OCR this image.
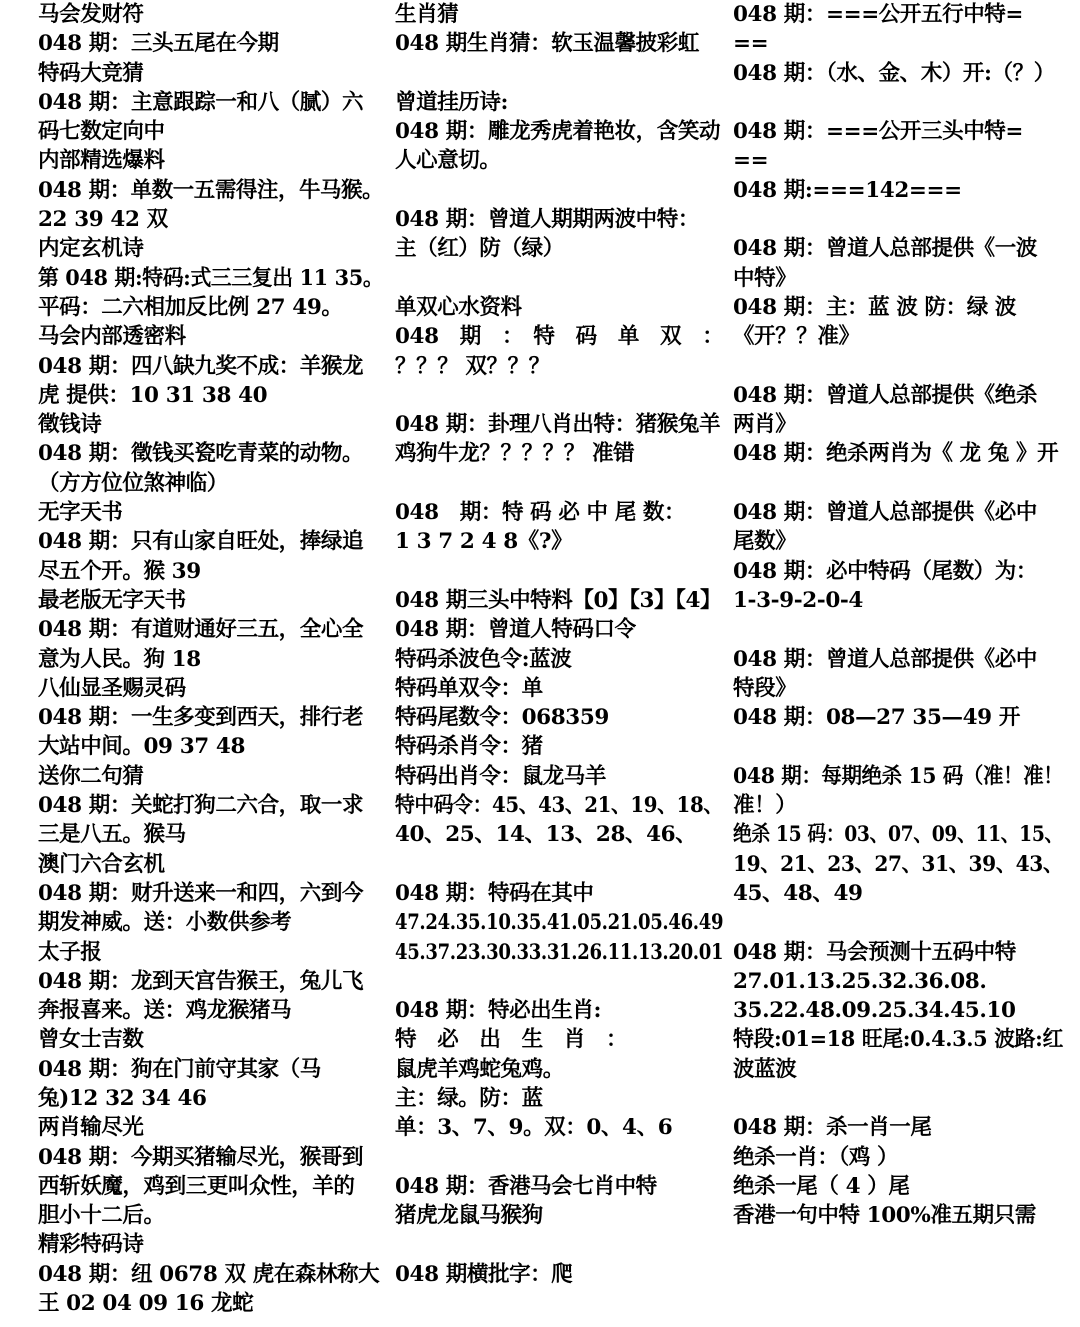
马会发财符
048 期：三头五尾在今期
特码大竞猜
048 期：主意跟踪一和八（腻）六
码七数定向中
内部精选爆料
048 期：单数一五需得注，牛马猴。
22 39 42 双
内定玄机诗
第 048 期:特码:式三三复出 11 35。
平码：二六相加反比例 27 49。
马会内部透密料
048 期：四八缺九奖不成：羊猴龙
虎 提供：10 31 38 40
徵钱诗
048 期：徵钱买瓷吃青菜的动物。
（方方位位煞神临）
无字天书
048 期：只有山家自旺处，捧绿追
尽五个开。猴 39
最老版无字天书
048 期：有道财通好三五，全心全
意为人民。狗 18
八仙显圣赐灵码
048 期：一生多变到西天，排行老
大站中间。09 37 48
送你二句猜
048 期：关蛇打狗二六合，取一求
三是八五。猴马
澳门六合玄机
048 期：财升送来一和四，六到今
期发神威。送：小数供参考
太子报
048 期：龙到天宫告猴王，兔儿飞
奔报喜来。送：鸡龙猴猪马
曾女士吉数
048 期：狗在门前守其家（马
兔)12 32 34 46
两肖输尽光
048 期：今期买猪输尽光，猴哥到
西斩妖魔，鸡到三更叫众性，羊的
胆小十二后。
精彩特码诗
048 期：纽 0678 双 虎在森林称大
王 02 04 09 16 龙蛇
生肖猜
048 期生肖猜：软玉温馨披彩虹
曾道挂历诗:
048 期：雕龙秀虎着艳妆，含笑动
人心意切。
048 期：曾道人期期两波中特：
主（红）防（绿）
单双心水资料
048　期　：　特　码　单　双　：
？？？ 双？？？
048 期：卦理八肖出特：猪猴兔羊
鸡狗牛龙？？？？？ 准错
048　期：特 码 必 中 尾 数：
1 3 7 2 4 8《?》
048 期三头中特料【0】【3】【4】
048 期：曾道人特码口令
特码杀波色令:蓝波
特码单双令：单
特码尾数令：068359
特码杀肖令：猪
特码出肖令：鼠龙马羊
特中码令：45、43、21、19、18、
40、25、14、13、28、46、
048 期：特码在其中
47.24.35.10.35.41.05.21.05.46.49
45.37.23.30.33.31.26.11.13.20.01
048 期：特必出生肖:
特　必　出　生　肖　：
鼠虎羊鸡蛇兔鸡。
主：绿。防：蓝
单：3、7、9。双：0、4、6
048 期：香港马会七肖中特
猪虎龙鼠马猴狗
048 期横批字：爬
048 期：===公开五行中特=
==
048 期：（水、金、木）开:（？）
048 期：===公开三头中特=
==
048 期:===142===
048 期：曾道人总部提供《一波
中特》
048 期：主：蓝 波 防：绿 波
《开？？准》
048 期：曾道人总部提供《绝杀
两肖》
048 期：绝杀两肖为《 龙 兔 》开
048 期：曾道人总部提供《必中
尾数》
048 期：必中特码（尾数）为：
1-3-9-2-0-4
048 期：曾道人总部提供《必中
特段》
048 期：08—27 35—49 开
048 期：每期绝杀 15 码（准！准！
准！）
绝杀 15 码：03、07、09、11、15、
19、21、23、27、31、39、43、
45、48、49
048 期：马会预测十五码中特
27.01.13.25.32.36.08.
35.22.48.09.25.34.45.10
特段:01=18 旺尾:0.4.3.5 波路:红
波蓝波
048 期：杀一肖一尾
绝杀一肖：（鸡 ）
绝杀一尾（ 4 ）尾
香港一句中特 100%准五期只需
